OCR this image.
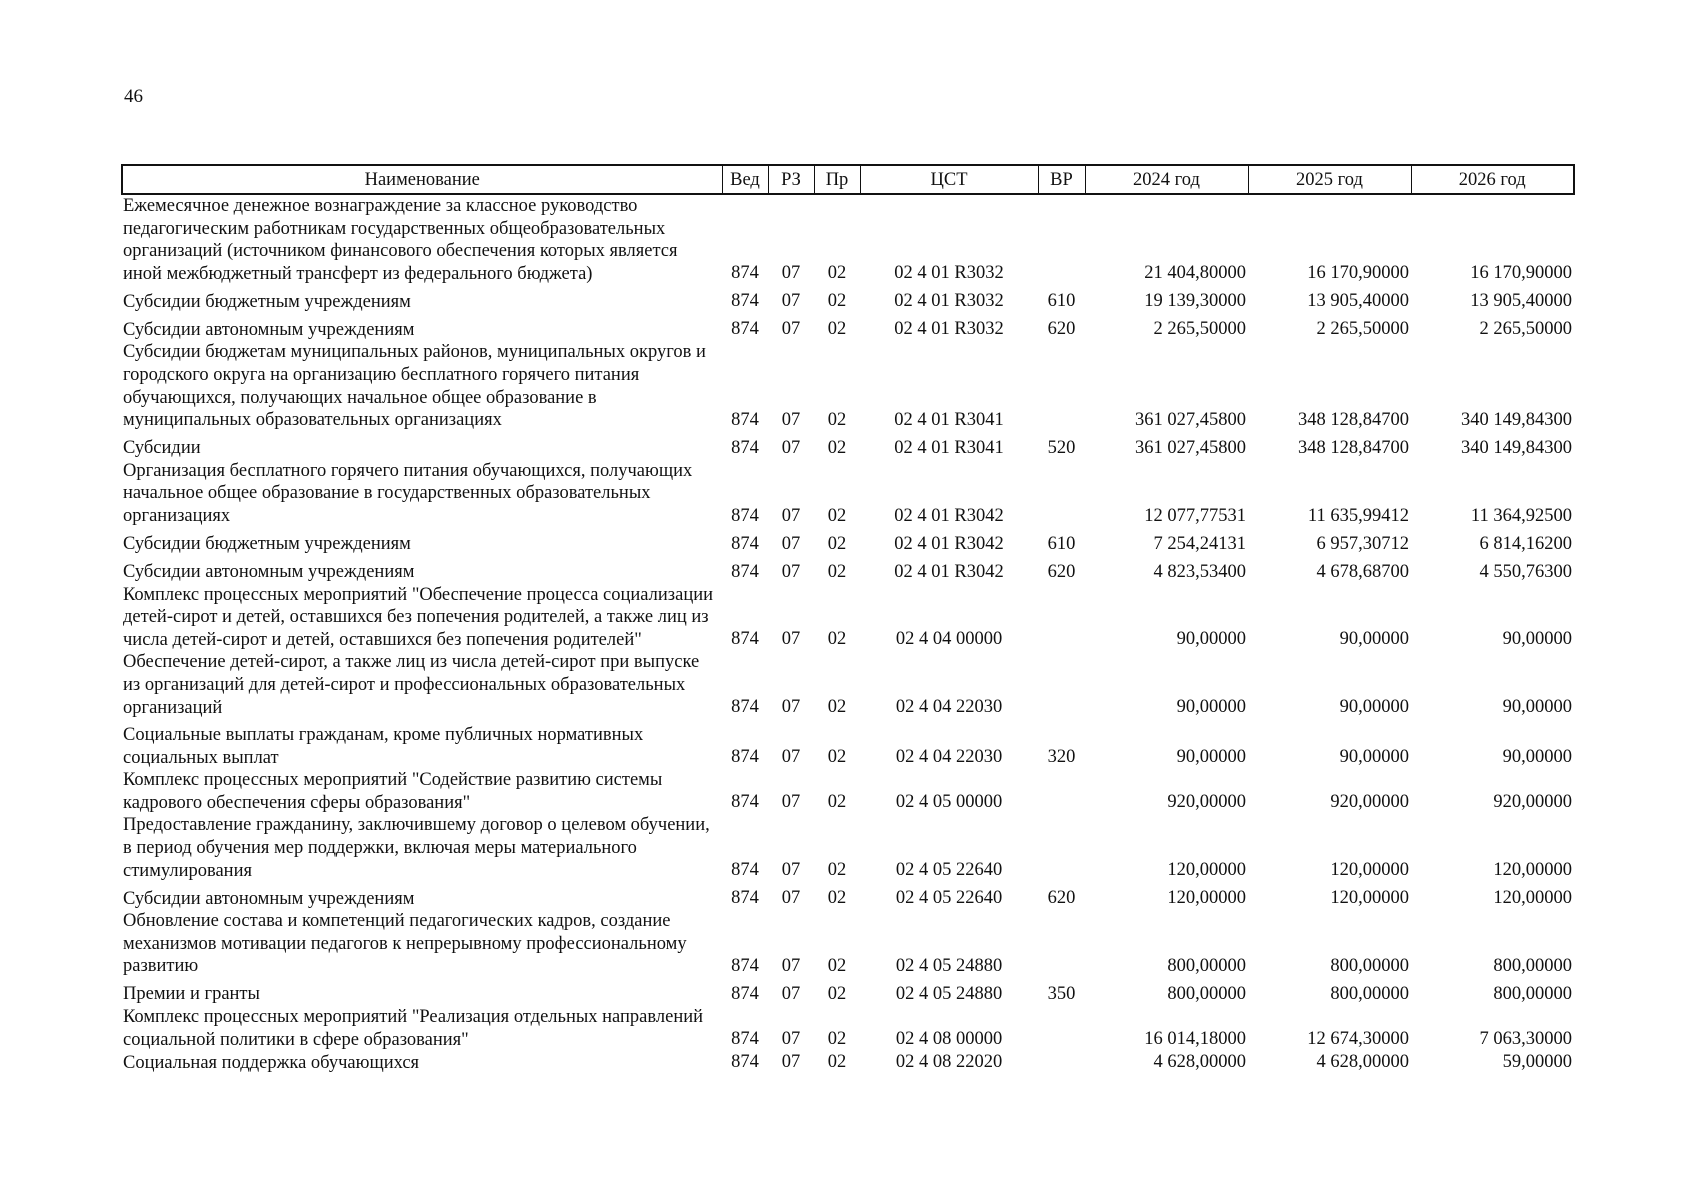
46
Наименование	Вед	РЗ	Пр	ЦСТ	ВР	2024 год	2025 год	2026 год
Ежемесячное денежное вознаграждение за классное руководство педагогическим работникам государственных общеобразовательных организаций (источником финансового обеспечения которых является иной межбюджетный трансферт из федерального бюджета)	874	07	02	02 4 01 R3032		21 404,80000	16 170,90000	16 170,90000
Субсидии бюджетным учреждениям	874	07	02	02 4 01 R3032	610	19 139,30000	13 905,40000	13 905,40000
Субсидии автономным учреждениям	874	07	02	02 4 01 R3032	620	2 265,50000	2 265,50000	2 265,50000
Субсидии бюджетам муниципальных районов, муниципальных округов и городского округа на организацию бесплатного горячего питания обучающихся, получающих начальное общее образование в муниципальных образовательных организациях	874	07	02	02 4 01 R3041		361 027,45800	348 128,84700	340 149,84300
Субсидии	874	07	02	02 4 01 R3041	520	361 027,45800	348 128,84700	340 149,84300
Организация бесплатного горячего питания обучающихся, получающих начальное общее образование в государственных образовательных организациях	874	07	02	02 4 01 R3042		12 077,77531	11 635,99412	11 364,92500
Субсидии бюджетным учреждениям	874	07	02	02 4 01 R3042	610	7 254,24131	6 957,30712	6 814,16200
Субсидии автономным учреждениям	874	07	02	02 4 01 R3042	620	4 823,53400	4 678,68700	4 550,76300
Комплекс процессных мероприятий "Обеспечение процесса социализации детей-сирот и детей, оставшихся без попечения родителей, а также лиц из числа детей-сирот и детей, оставшихся без попечения родителей"	874	07	02	02 4 04 00000		90,00000	90,00000	90,00000
Обеспечение детей-сирот, а также лиц из числа детей-сирот при выпуске из организаций для детей-сирот и профессиональных образовательных организаций	874	07	02	02 4 04 22030		90,00000	90,00000	90,00000
Социальные выплаты гражданам, кроме публичных нормативных социальных выплат	874	07	02	02 4 04 22030	320	90,00000	90,00000	90,00000
Комплекс процессных мероприятий "Содействие развитию системы кадрового обеспечения сферы образования"	874	07	02	02 4 05 00000		920,00000	920,00000	920,00000
Предоставление гражданину, заключившему договор о целевом обучении, в период обучения мер поддержки, включая меры материального стимулирования	874	07	02	02 4 05 22640		120,00000	120,00000	120,00000
Субсидии автономным учреждениям	874	07	02	02 4 05 22640	620	120,00000	120,00000	120,00000
Обновление состава и компетенций педагогических кадров, создание механизмов мотивации педагогов к непрерывному профессиональному развитию	874	07	02	02 4 05 24880		800,00000	800,00000	800,00000
Премии и гранты	874	07	02	02 4 05 24880	350	800,00000	800,00000	800,00000
Комплекс процессных мероприятий "Реализация отдельных направлений социальной политики в сфере образования"	874	07	02	02 4 08 00000		16 014,18000	12 674,30000	7 063,30000
Социальная поддержка обучающихся	874	07	02	02 4 08 22020		4 628,00000	4 628,00000	59,00000
